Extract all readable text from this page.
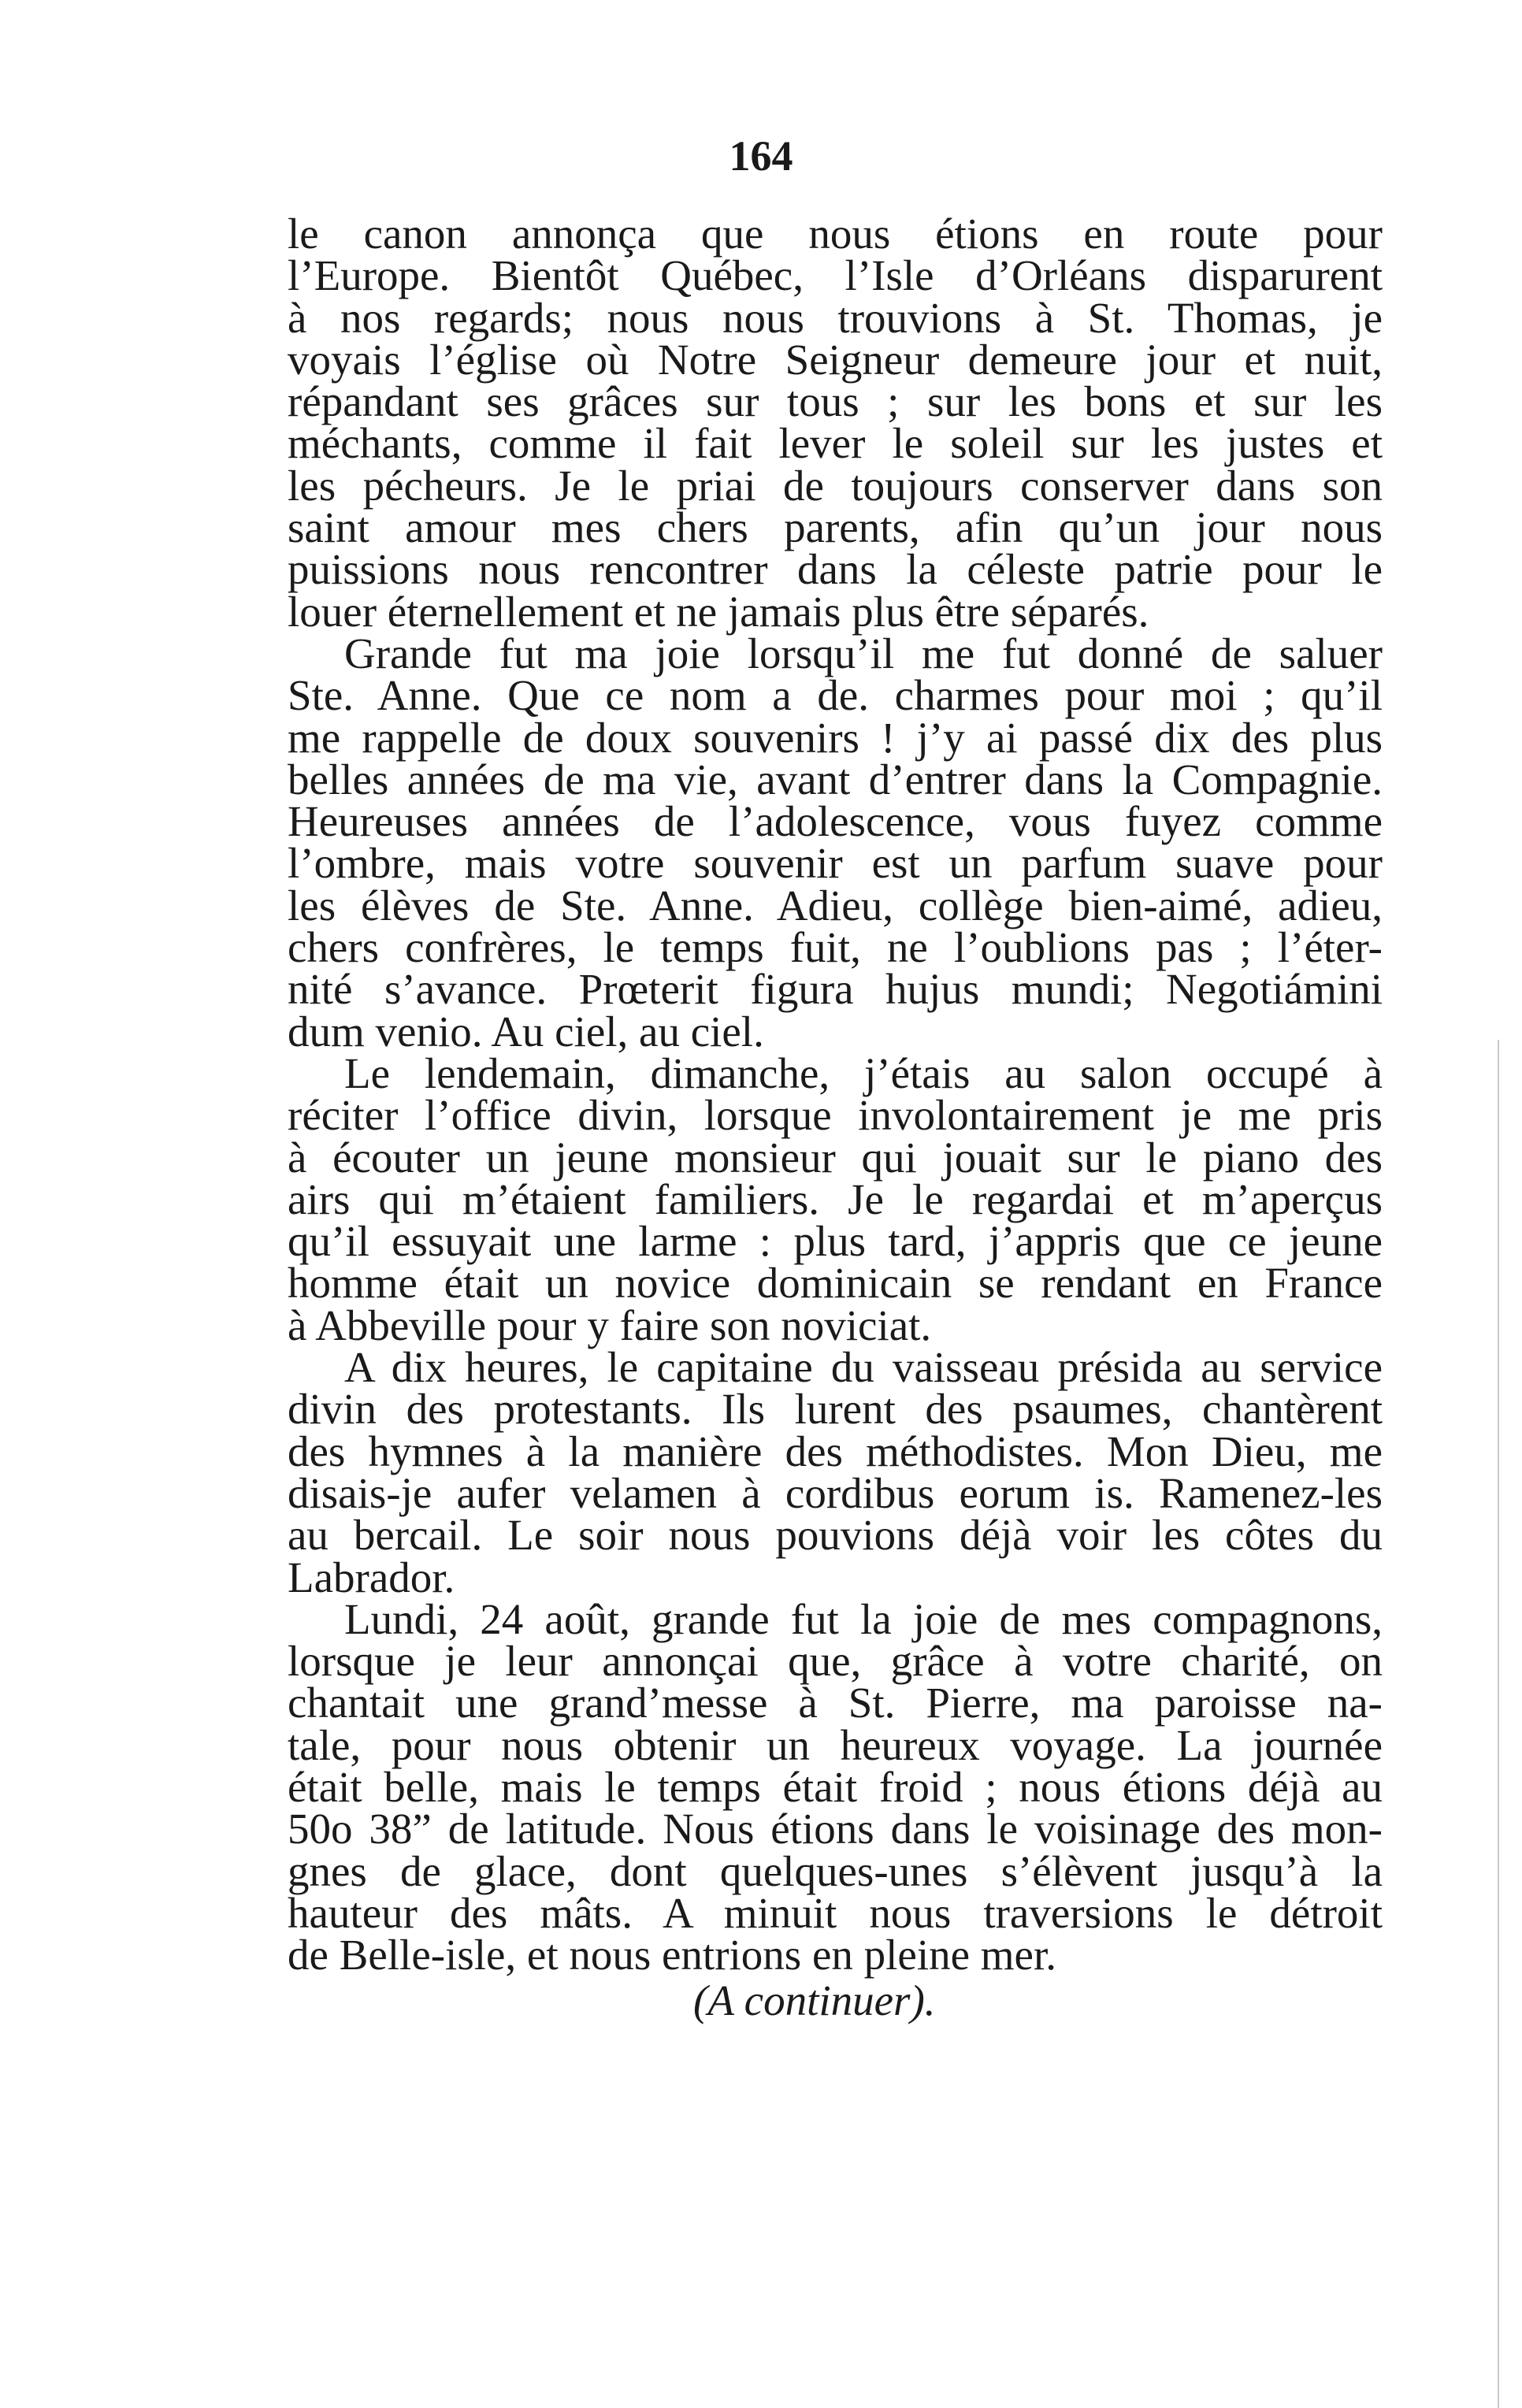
164
le canon annonça que nous étions en route pour
l’Europe. Bientôt Québec, l’Isle d’Orléans disparurent
à nos regards; nous nous trouvions à St. Thomas, je
voyais l’église où Notre Seigneur demeure jour et nuit,
répandant ses grâces sur tous ; sur les bons et sur les
méchants, comme il fait lever le soleil sur les justes et
les pécheurs. Je le priai de toujours conserver dans son
saint amour mes chers parents, afin qu’un jour nous
puissions nous rencontrer dans la céleste patrie pour le
louer éternellement et ne jamais plus être séparés.
Grande fut ma joie lorsqu’il me fut donné de saluer
Ste. Anne. Que ce nom a de. charmes pour moi ; qu’il
me rappelle de doux souvenirs ! j’y ai passé dix des plus
belles années de ma vie, avant d’entrer dans la Compagnie.
Heureuses années de l’adolescence, vous fuyez comme
l’ombre, mais votre souvenir est un parfum suave pour
les élèves de Ste. Anne. Adieu, collège bien-aimé, adieu,
chers confrères, le temps fuit, ne l’oublions pas ; l’éter-
nité s’avance. Prœterit figura hujus mundi; Negotiámini
dum venio. Au ciel, au ciel.
Le lendemain, dimanche, j’étais au salon occupé à
réciter l’office divin, lorsque involontairement je me pris
à écouter un jeune monsieur qui jouait sur le piano des
airs qui m’étaient familiers. Je le regardai et m’aperçus
qu’il essuyait une larme : plus tard, j’appris que ce jeune
homme était un novice dominicain se rendant en France
à Abbeville pour y faire son noviciat.
A dix heures, le capitaine du vaisseau présida au service
divin des protestants. Ils lurent des psaumes, chantèrent
des hymnes à la manière des méthodistes. Mon Dieu, me
disais-je aufer velamen à cordibus eorum is. Ramenez-les
au bercail. Le soir nous pouvions déjà voir les côtes du
Labrador.
Lundi, 24 août, grande fut la joie de mes compagnons,
lorsque je leur annonçai que, grâce à votre charité, on
chantait une grand’messe à St. Pierre, ma paroisse na-
tale, pour nous obtenir un heureux voyage. La journée
était belle, mais le temps était froid ; nous étions déjà au
50o 38” de latitude. Nous étions dans le voisinage des mon-
gnes de glace, dont quelques-unes s’élèvent jusqu’à la
hauteur des mâts. A minuit nous traversions le détroit
de Belle-isle, et nous entrions en pleine mer.
(A continuer).
